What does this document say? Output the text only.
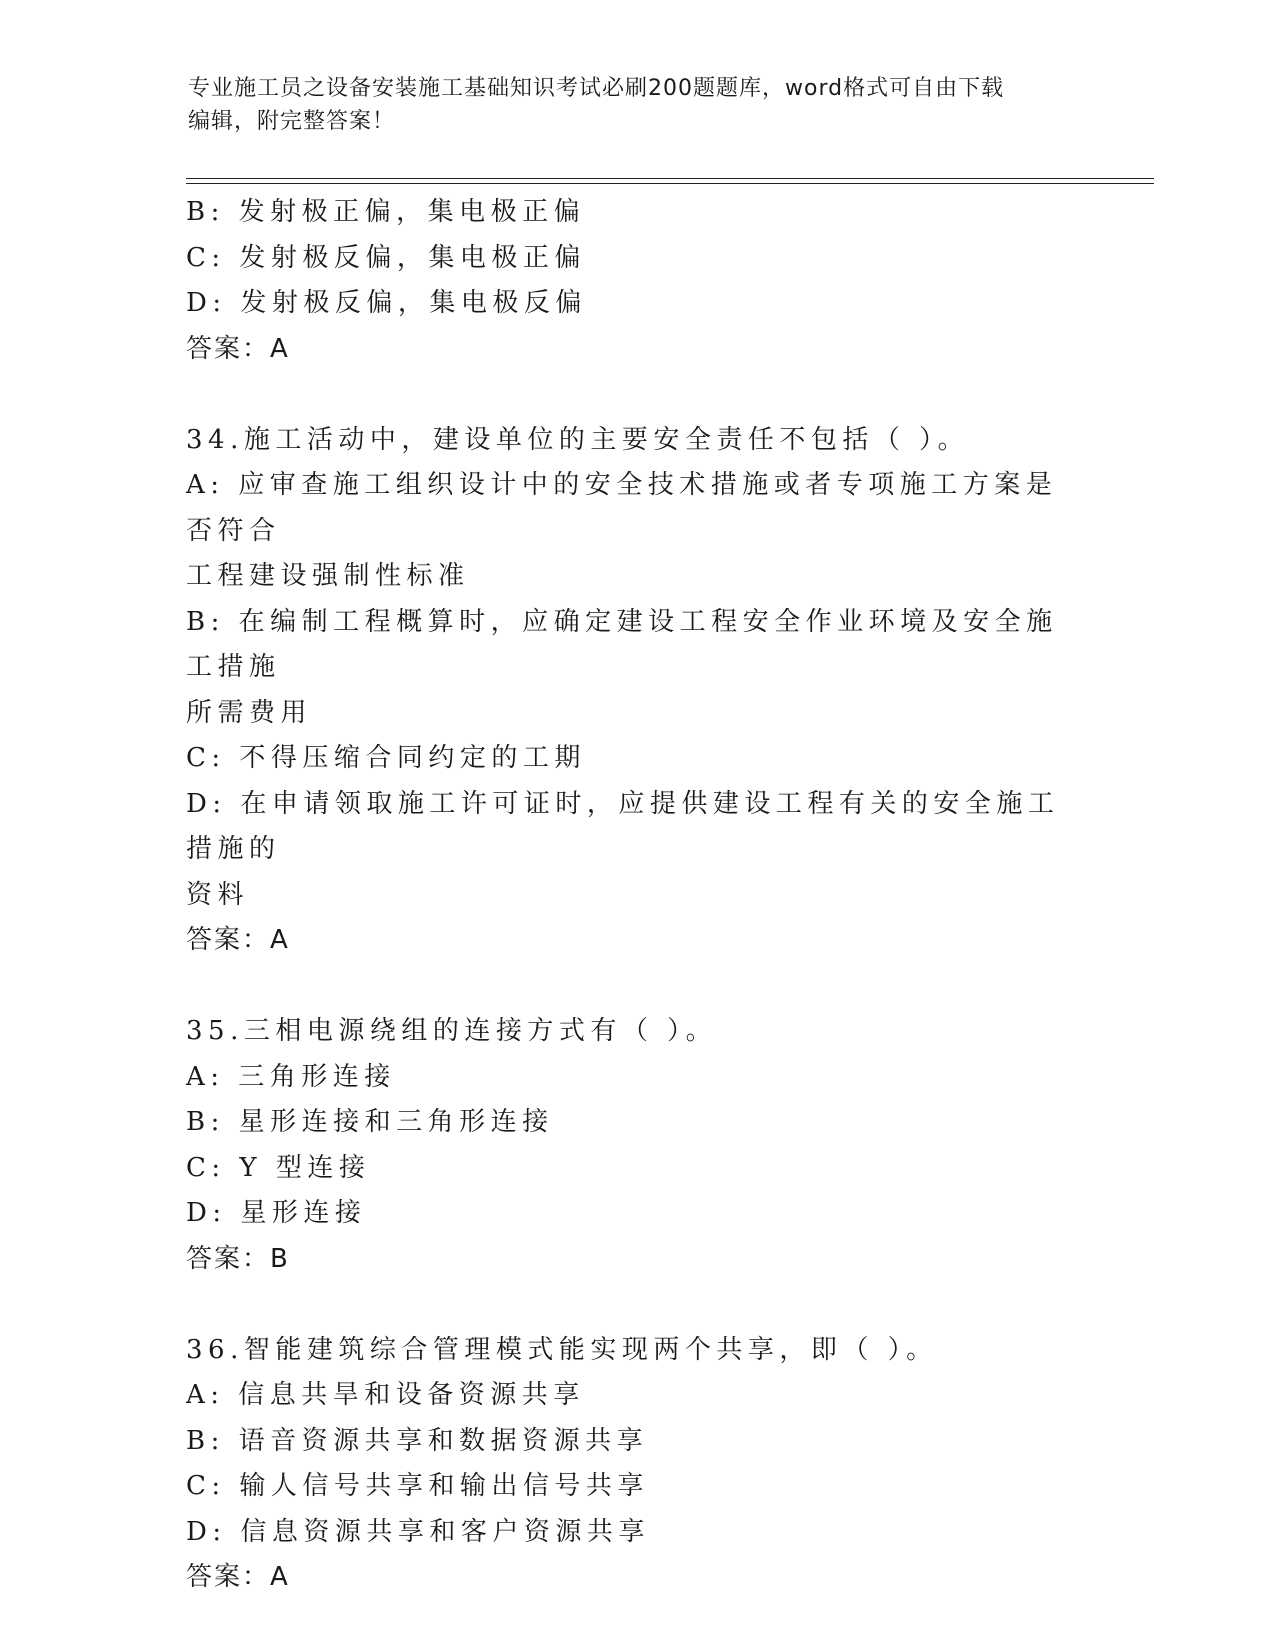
专业施工员之设备安装施工基础知识考试必刷200题题库，word格式可自由下载
编辑，附完整答案！
B: 发射极正偏，集电极正偏
C: 发射极反偏，集电极正偏
D: 发射极反偏，集电极反偏
答案：A
34.施工活动中，建设单位的主要安全责任不包括（ ）。
A: 应审查施工组织设计中的安全技术措施或者专项施工方案是否符合
工程建设强制性标准
B: 在编制工程概算时，应确定建设工程安全作业环境及安全施工措施
所需费用
C: 不得压缩合同约定的工期
D: 在申请领取施工许可证时，应提供建设工程有关的安全施工措施的
资料
答案：A
35.三相电源绕组的连接方式有（ ）。
A: 三角形连接
B: 星形连接和三角形连接
C: Y 型连接
D: 星形连接
答案：B
36.智能建筑综合管理模式能实现两个共享，即（ ）。
A: 信息共旱和设备资源共享
B: 语音资源共享和数据资源共享
C: 输人信号共享和输出信号共享
D: 信息资源共享和客户资源共享
答案：A
